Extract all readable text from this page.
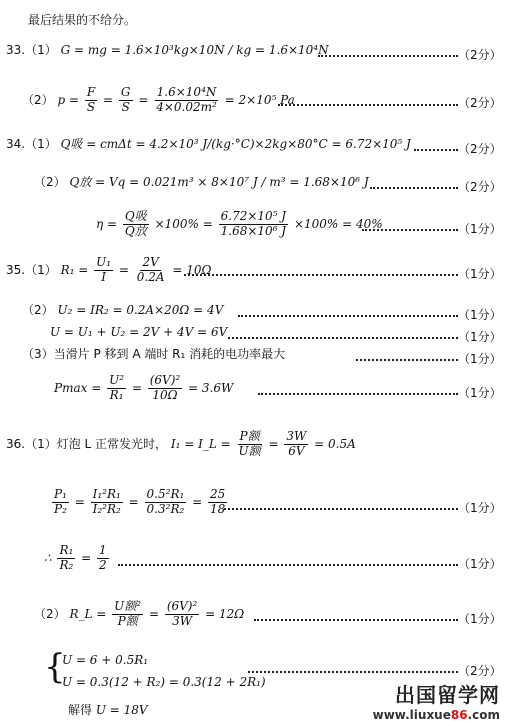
最后结果的不给分。
33.（1） G = mg = 1.6×10³kg×10N / kg = 1.6×10⁴N	（2分）
（2） $p = \frac{F}{S} = \frac{G}{S} = \frac{\text{1.6×10⁴N}}{\text{4×0.02m²}} = 2\times 10^5$ Pa	（2分）
34.（1） Q吸 = cmΔt = 4.2×10³ J/(kg·°C)×2kg×80°C = 6.72×10⁵ J	（2分）
（2） Q放 = Vq = 0.021m³ × 8×10⁷ J / m³ = 1.68×10⁶ J	（2分）
$\eta = \frac{\text{Q吸}}{\text{Q放}} \times 100\% = \frac{\text{6.72×10⁵ J}}{\text{1.68×10⁶ J}} \times 100\% = 40\%$	（1分）
35.（1） $R_1 = \frac{\text{U₁}}{I} = \frac{2V}{0.2A} = 10\Omega$	（1分）
（2） U₂ = IR₂ = 0.2A×20Ω = 4V	（1分）
U = U₁ + U₂ = 2V + 4V = 6V	（1分）
（3）当滑片 P 移到 A 端时 R₁ 消耗的电功率最大	（1分）
$Pmax = \frac{\text{U²}}{\text{R₁}} = \frac{\text{(6V)²}}{10\Omega} = 3.6W$	（1分）
36.（1）灯泡 L 正常发光时， I₁ = I_L = $\frac{\text{P额}}{\text{U额}} = \frac{3W}{6V} = 0.5A$
$\frac{\text{P₁}}{\text{P₂}} = \frac{\text{I₁²R₁}}{\text{I₂²R₂}} = \frac{\text{0.5²R₁}}{\text{0.3²R₂}} = \frac{25}{18}$	（1分）
∴ $\frac{\text{R₁}}{\text{R₂}} = \frac{1}{2}$	（1分）
（2） R_L = $\frac{\text{U额²}}{\text{P额}} = \frac{\text{(6V)²}}{3W} = 12\Omega$	（1分）
{
U = 6 + 0.5R₁
U = 0.3(12 + R₂) = 0.3(12 + 2R₁)
（2分）
解得 U = 18V
出国留学网
www.liuxue86.com
